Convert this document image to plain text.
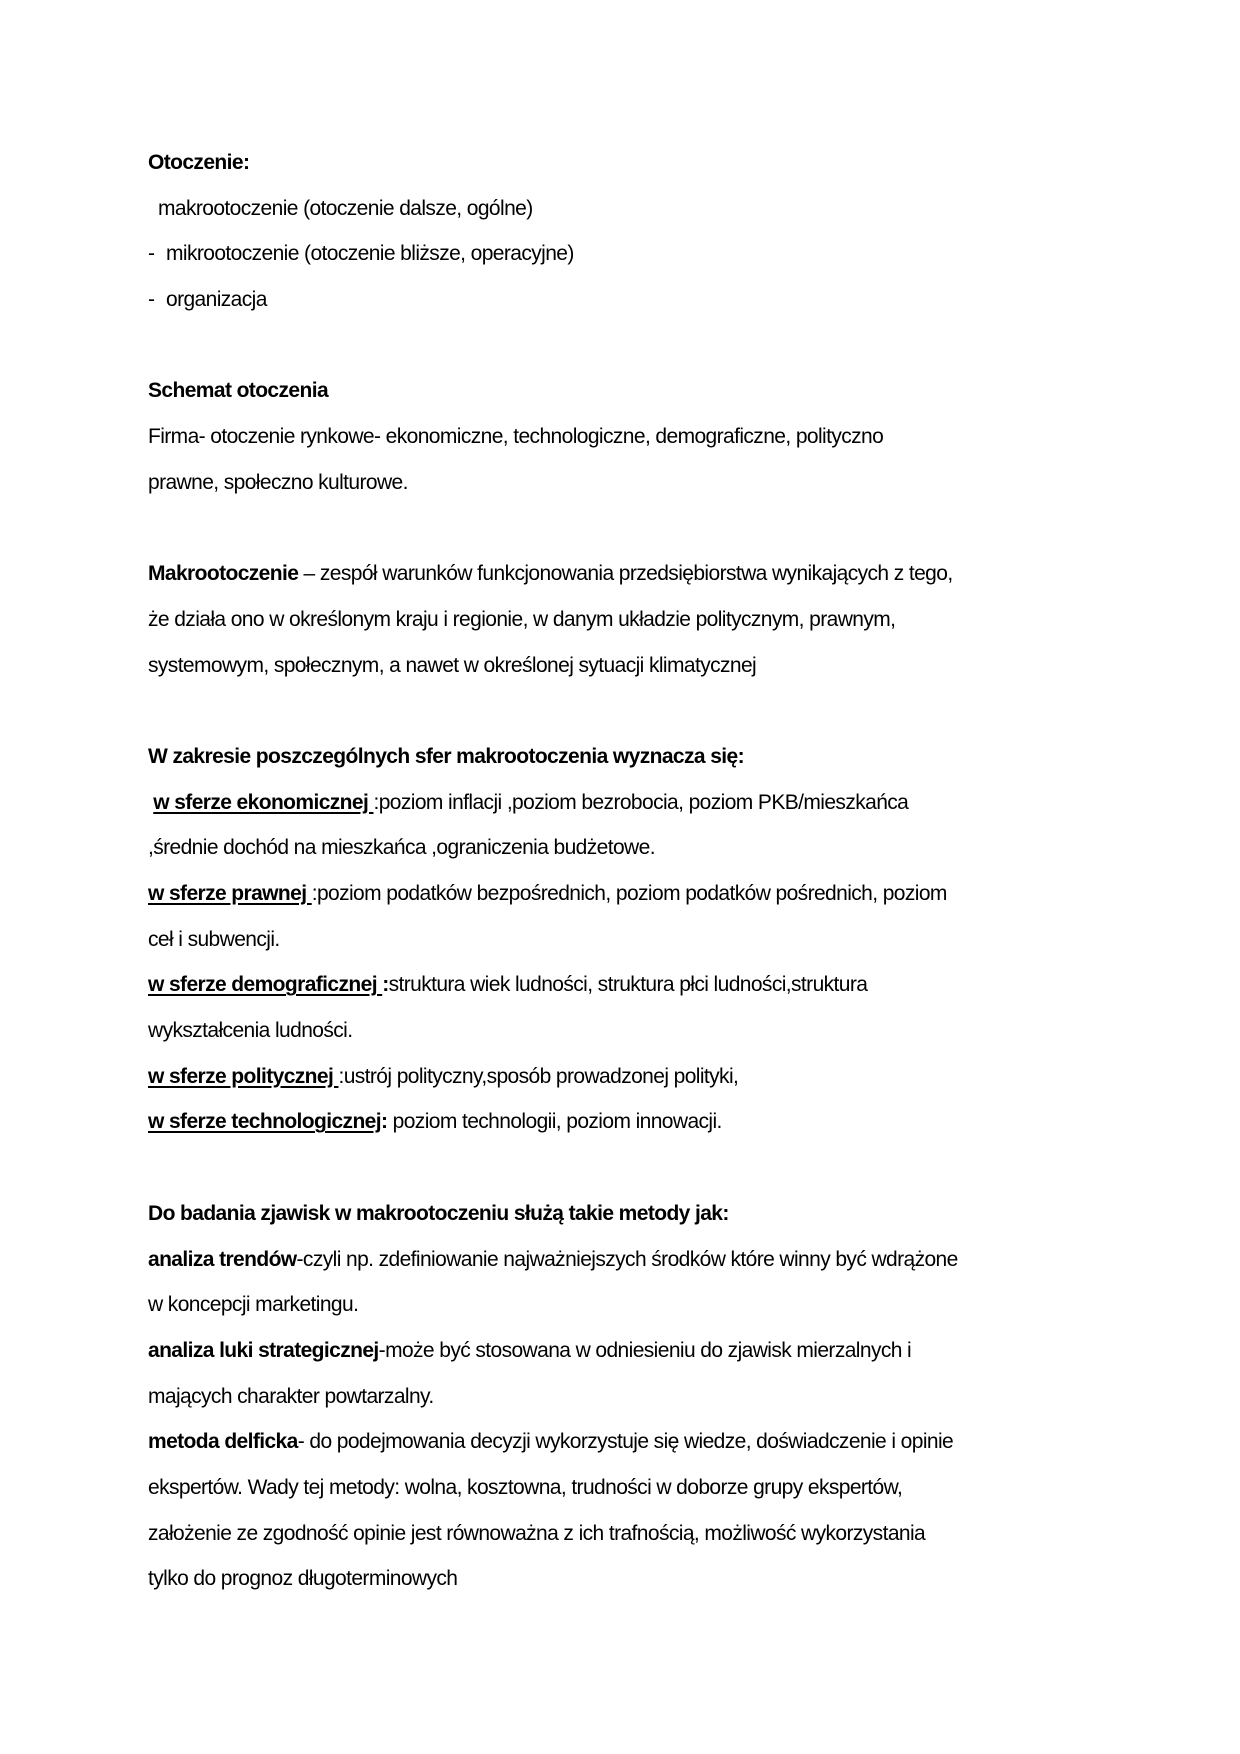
Otoczenie:
makrootoczenie (otoczenie dalsze, ogólne)
- mikrootoczenie (otoczenie bliższe, operacyjne)
- organizacja
Schemat otoczenia
Firma- otoczenie rynkowe- ekonomiczne, technologiczne, demograficzne, polityczno
prawne, społeczno kulturowe.
Makrootoczenie – zespół warunków funkcjonowania przedsiębiorstwa wynikających z tego,
że działa ono w określonym kraju i regionie, w danym układzie politycznym, prawnym,
systemowym, społecznym, a nawet w określonej sytuacji klimatycznej
W zakresie poszczególnych sfer makrootoczenia wyznacza się:
w sferze ekonomicznej :poziom inflacji ,poziom bezrobocia, poziom PKB/mieszkańca
,średnie dochód na mieszkańca ,ograniczenia budżetowe.
w sferze prawnej :poziom podatków bezpośrednich, poziom podatków pośrednich, poziom
ceł i subwencji.
w sferze demograficznej :struktura wiek ludności, struktura płci ludności,struktura
wykształcenia ludności.
w sferze politycznej :ustrój polityczny,sposób prowadzonej polityki,
w sferze technologicznej: poziom technologii, poziom innowacji.
Do badania zjawisk w makrootoczeniu służą takie metody jak:
analiza trendów-czyli np. zdefiniowanie najważniejszych środków które winny być wdrążone
w koncepcji marketingu.
analiza luki strategicznej-może być stosowana w odniesieniu do zjawisk mierzalnych i
mających charakter powtarzalny.
metoda delficka- do podejmowania decyzji wykorzystuje się wiedze, doświadczenie i opinie
ekspertów. Wady tej metody: wolna, kosztowna, trudności w doborze grupy ekspertów,
założenie ze zgodność opinie jest równoważna z ich trafnością, możliwość wykorzystania
tylko do prognoz długoterminowych
